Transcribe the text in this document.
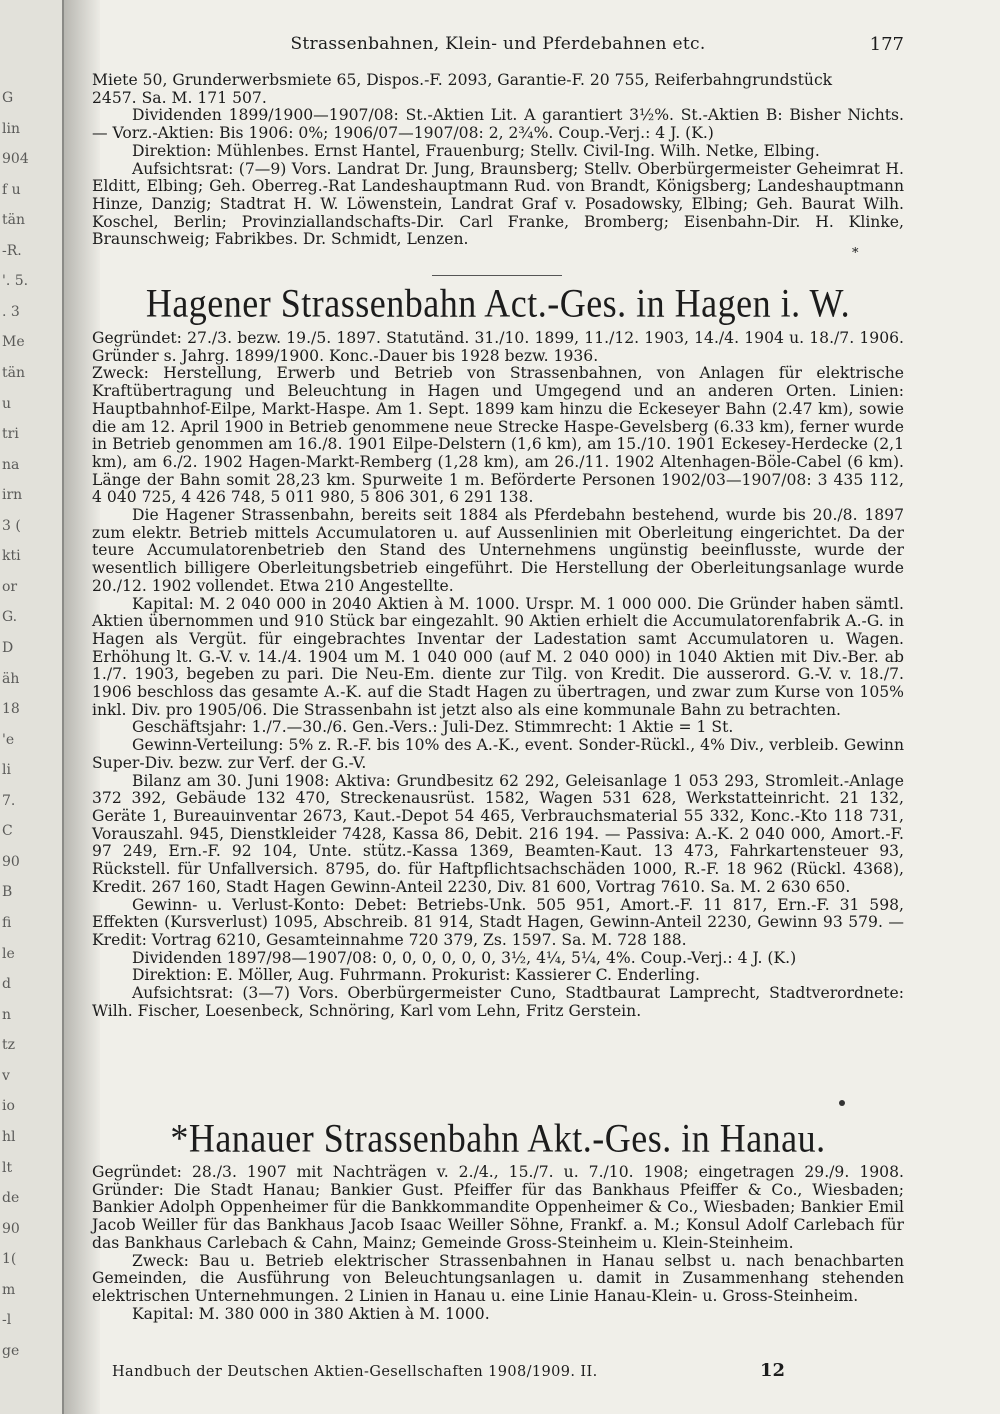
G
lin
904
f u
tän
-R.
'. 5.
. 3
Me
tän
u
tri
na
irn
3 (
kti
or
G.
D
äh
18
'e
li
7.
C
90
B
fi
le
d
n
tz
v
io
hl
lt
de
90
1(
m
-l
ge
Strassenbahnen, Klein- und Pferdebahnen etc.	177

Miete 50, Grunderwerbsmiete 65, Dispos.-F. 2093, Garantie-F. 20 755, Reiferbahngrundstück

2457. Sa. M. 171 507.

Dividenden 1899/1900—1907/08: St.-Aktien Lit. A garantiert 3½%. St.-Aktien B: Bisher Nichts. — Vorz.-Aktien: Bis 1906: 0%; 1906/07—1907/08: 2, 2¾%. Coup.-Verj.: 4 J. (K.)

Direktion: Mühlenbes. Ernst Hantel, Frauenburg; Stellv. Civil-Ing. Wilh. Netke, Elbing.

Aufsichtsrat: (7—9) Vors. Landrat Dr. Jung, Braunsberg; Stellv. Oberbürgermeister Geheimrat H. Elditt, Elbing; Geh. Oberreg.-Rat Landeshauptmann Rud. von Brandt, Königsberg; Landeshauptmann Hinze, Danzig; Stadtrat H. W. Löwenstein, Landrat Graf v. Posadowsky, Elbing; Geh. Baurat Wilh. Koschel, Berlin; Provinziallandschafts-Dir. Carl Franke, Bromberg; Eisenbahn-Dir. H. Klinke, Braunschweig; Fabrikbes. Dr. Schmidt, Lenzen.

*
Hagener Strassenbahn Act.-Ges. in Hagen i. W.

Gegründet: 27./3. bezw. 19./5. 1897. Statutänd. 31./10. 1899, 11./12. 1903, 14./4. 1904 u. 18./7. 1906. Gründer s. Jahrg. 1899/1900. Konc.-Dauer bis 1928 bezw. 1936.

Zweck: Herstellung, Erwerb und Betrieb von Strassenbahnen, von Anlagen für elektrische Kraftübertragung und Beleuchtung in Hagen und Umgegend und an anderen Orten. Linien: Hauptbahnhof-Eilpe, Markt-Haspe. Am 1. Sept. 1899 kam hinzu die Eckeseyer Bahn (2.47 km), sowie die am 12. April 1900 in Betrieb genommene neue Strecke Haspe-Gevelsberg (6.33 km), ferner wurde in Betrieb genommen am 16./8. 1901 Eilpe-Delstern (1,6 km), am 15./10. 1901 Eckesey-Herdecke (2,1 km), am 6./2. 1902 Hagen-Markt-Remberg (1,28 km), am 26./11. 1902 Altenhagen-Böle-Cabel (6 km). Länge der Bahn somit 28,23 km. Spurweite 1 m. Beförderte Personen 1902/03—1907/08: 3 435 112, 4 040 725, 4 426 748, 5 011 980, 5 806 301, 6 291 138.

Die Hagener Strassenbahn, bereits seit 1884 als Pferdebahn bestehend, wurde bis 20./8. 1897 zum elektr. Betrieb mittels Accumulatoren u. auf Aussenlinien mit Oberleitung eingerichtet. Da der teure Accumulatorenbetrieb den Stand des Unternehmens ungünstig beeinflusste, wurde der wesentlich billigere Oberleitungsbetrieb eingeführt. Die Herstellung der Oberleitungsanlage wurde 20./12. 1902 vollendet. Etwa 210 Angestellte.

Kapital: M. 2 040 000 in 2040 Aktien à M. 1000. Urspr. M. 1 000 000. Die Gründer haben sämtl. Aktien übernommen und 910 Stück bar eingezahlt. 90 Aktien erhielt die Accumulatorenfabrik A.-G. in Hagen als Vergüt. für eingebrachtes Inventar der Ladestation samt Accumulatoren u. Wagen. Erhöhung lt. G.-V. v. 14./4. 1904 um M. 1 040 000 (auf M. 2 040 000) in 1040 Aktien mit Div.-Ber. ab 1./7. 1903, begeben zu pari. Die Neu-Em. diente zur Tilg. von Kredit. Die ausserord. G.-V. v. 18./7. 1906 beschloss das gesamte A.-K. auf die Stadt Hagen zu übertragen, und zwar zum Kurse von 105% inkl. Div. pro 1905/06. Die Strassenbahn ist jetzt also als eine kommunale Bahn zu betrachten.

Geschäftsjahr: 1./7.—30./6. Gen.-Vers.: Juli-Dez. Stimmrecht: 1 Aktie = 1 St.

Gewinn-Verteilung: 5% z. R.-F. bis 10% des A.-K., event. Sonder-Rückl., 4% Div., verbleib. Gewinn Super-Div. bezw. zur Verf. der G.-V.

Bilanz am 30. Juni 1908: Aktiva: Grundbesitz 62 292, Geleisanlage 1 053 293, Stromleit.-Anlage 372 392, Gebäude 132 470, Streckenausrüst. 1582, Wagen 531 628, Werkstatteinricht. 21 132, Geräte 1, Bureauinventar 2673, Kaut.-Depot 54 465, Verbrauchsmaterial 55 332, Konc.-Kto 118 731, Vorauszahl. 945, Dienstkleider 7428, Kassa 86, Debit. 216 194. — Passiva: A.-K. 2 040 000, Amort.-F. 97 249, Ern.-F. 92 104, Unte. stütz.-Kassa 1369, Beamten-Kaut. 13 473, Fahrkartensteuer 93, Rückstell. für Unfallversich. 8795, do. für Haftpflichtsachschäden 1000, R.-F. 18 962 (Rückl. 4368), Kredit. 267 160, Stadt Hagen Gewinn-Anteil 2230, Div. 81 600, Vortrag 7610. Sa. M. 2 630 650.

Gewinn- u. Verlust-Konto: Debet: Betriebs-Unk. 505 951, Amort.-F. 11 817, Ern.-F. 31 598, Effekten (Kursverlust) 1095, Abschreib. 81 914, Stadt Hagen, Gewinn-Anteil 2230, Gewinn 93 579. — Kredit: Vortrag 6210, Gesamteinnahme 720 379, Zs. 1597. Sa. M. 728 188.

Dividenden 1897/98—1907/08: 0, 0, 0, 0, 0, 0, 3½, 4¼, 5¼, 4%. Coup.-Verj.: 4 J. (K.)

Direktion: E. Möller, Aug. Fuhrmann. Prokurist: Kassierer C. Enderling.

Aufsichtsrat: (3—7) Vors. Oberbürgermeister Cuno, Stadtbaurat Lamprecht, Stadtverordnete: Wilh. Fischer, Loesenbeck, Schnöring, Karl vom Lehn, Fritz Gerstein.

*Hanauer Strassenbahn Akt.-Ges. in Hanau.

Gegründet: 28./3. 1907 mit Nachträgen v. 2./4., 15./7. u. 7./10. 1908; eingetragen 29./9. 1908. Gründer: Die Stadt Hanau; Bankier Gust. Pfeiffer für das Bankhaus Pfeiffer & Co., Wiesbaden; Bankier Adolph Oppenheimer für die Bankkommandite Oppenheimer & Co., Wiesbaden; Bankier Emil Jacob Weiller für das Bankhaus Jacob Isaac Weiller Söhne, Frankf. a. M.; Konsul Adolf Carlebach für das Bankhaus Carlebach & Cahn, Mainz; Gemeinde Gross-Steinheim u. Klein-Steinheim.

Zweck: Bau u. Betrieb elektrischer Strassenbahnen in Hanau selbst u. nach benachbarten Gemeinden, die Ausführung von Beleuchtungsanlagen u. damit in Zusammenhang stehenden elektrischen Unternehmungen. 2 Linien in Hanau u. eine Linie Hanau-Klein- u. Gross-Steinheim.

Kapital: M. 380 000 in 380 Aktien à M. 1000.

Handbuch der Deutschen Aktien-Gesellschaften 1908/1909. II.	12
